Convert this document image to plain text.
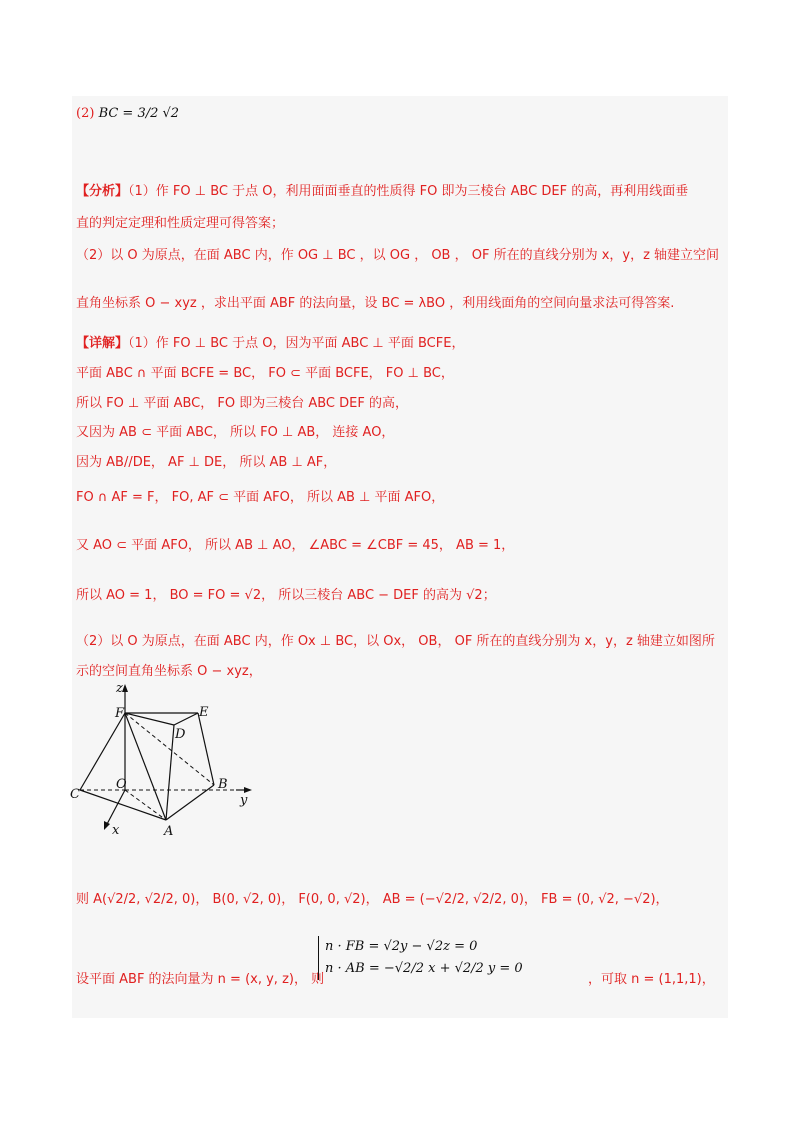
(2) BC = 3/2 √2
【分析】（1）作 FO ⊥ BC 于点 O，利用面面垂直的性质得 FO 即为三棱台 ABC DEF 的高，再利用线面垂
直的判定定理和性质定理可得答案；
（2）以 O 为原点，在面 ABC 内，作 OG ⊥ BC ，以 OG ， OB ， OF 所在的直线分别为 x，y，z 轴建立空间
直角坐标系 O − xyz ，求出平面 ABF 的法向量，设 BC = λBO ，利用线面角的空间向量求法可得答案.
【详解】（1）作 FO ⊥ BC 于点 O，因为平面 ABC ⊥ 平面 BCFE，
平面 ABC ∩ 平面 BCFE = BC， FO ⊂ 平面 BCFE， FO ⊥ BC，
所以 FO ⊥ 平面 ABC， FO 即为三棱台 ABC DEF 的高，
又因为 AB ⊂ 平面 ABC， 所以 FO ⊥ AB， 连接 AO，
因为 AB//DE， AF ⊥ DE， 所以 AB ⊥ AF，
FO ∩ AF = F， FO, AF ⊂ 平面 AFO， 所以 AB ⊥ 平面 AFO，
又 AO ⊂ 平面 AFO， 所以 AB ⊥ AO， ∠ABC = ∠CBF = 45， AB = 1，
所以 AO = 1， BO = FO = √2， 所以三棱台 ABC − DEF 的高为 √2；
（2）以 O 为原点，在面 ABC 内，作 Ox ⊥ BC，以 Ox， OB， OF 所在的直线分别为 x，y，z 轴建立如图所
示的空间直角坐标系 O − xyz，
z
F	E
D
C
O	B
y
A
x
则 A(√2/2, √2/2, 0)， B(0, √2, 0)， F(0, 0, √2)， AB = (−√2/2, √2/2, 0)， FB = (0, √2, −√2)，
设平面 ABF 的法向量为 n = (x, y, z)， 则
n · FB = √2y − √2z = 0
n · AB = −√2/2 x + √2/2 y = 0
，可取 n = (1,1,1)，
